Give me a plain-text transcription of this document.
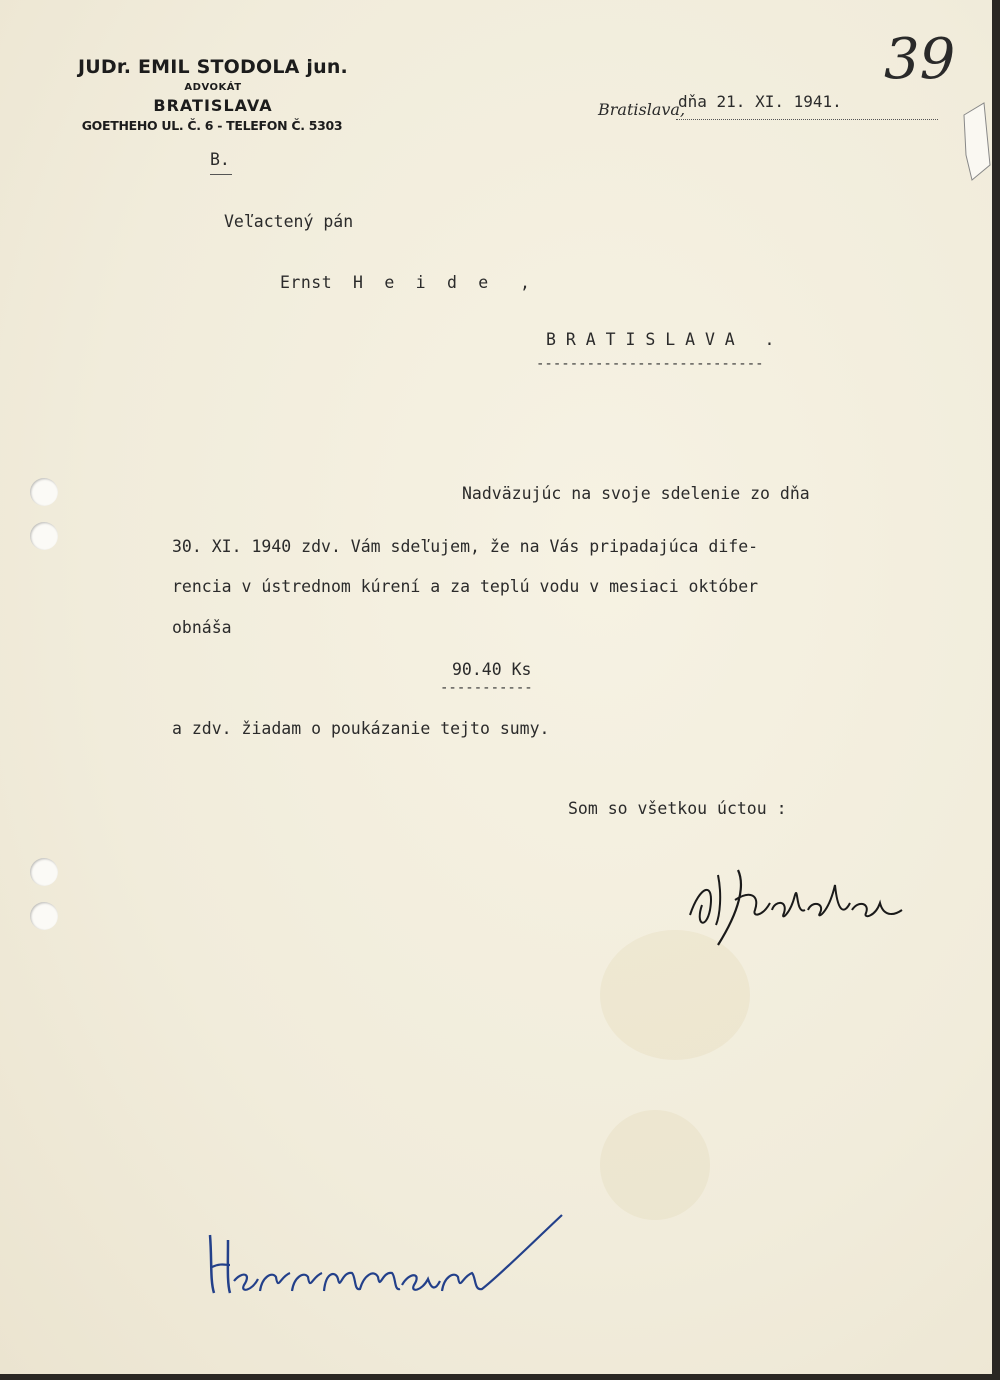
JUDr. EMIL STODOLA jun.
ADVOKÁT
BRATISLAVA
GOETHEHO UL. Č. 6 - TELEFON Č. 5303
39
Bratislava,
dňa 21. XI. 1941.
B.
Veľactený pán
Ernst  H  e  i  d  e   ,
B R A T I S L A V A   .
---------------------------
Nadväzujúc na svoje sdelenie zo dňa
30. XI. 1940 zdv. Vám sdeľujem, že na Vás pripadajúca dife-
rencia v ústrednom kúrení a za teplú vodu v mesiaci október
obnáša
90.40 Ks
-----------
a zdv. žiadam o poukázanie tejto sumy.
Som so všetkou úctou :
